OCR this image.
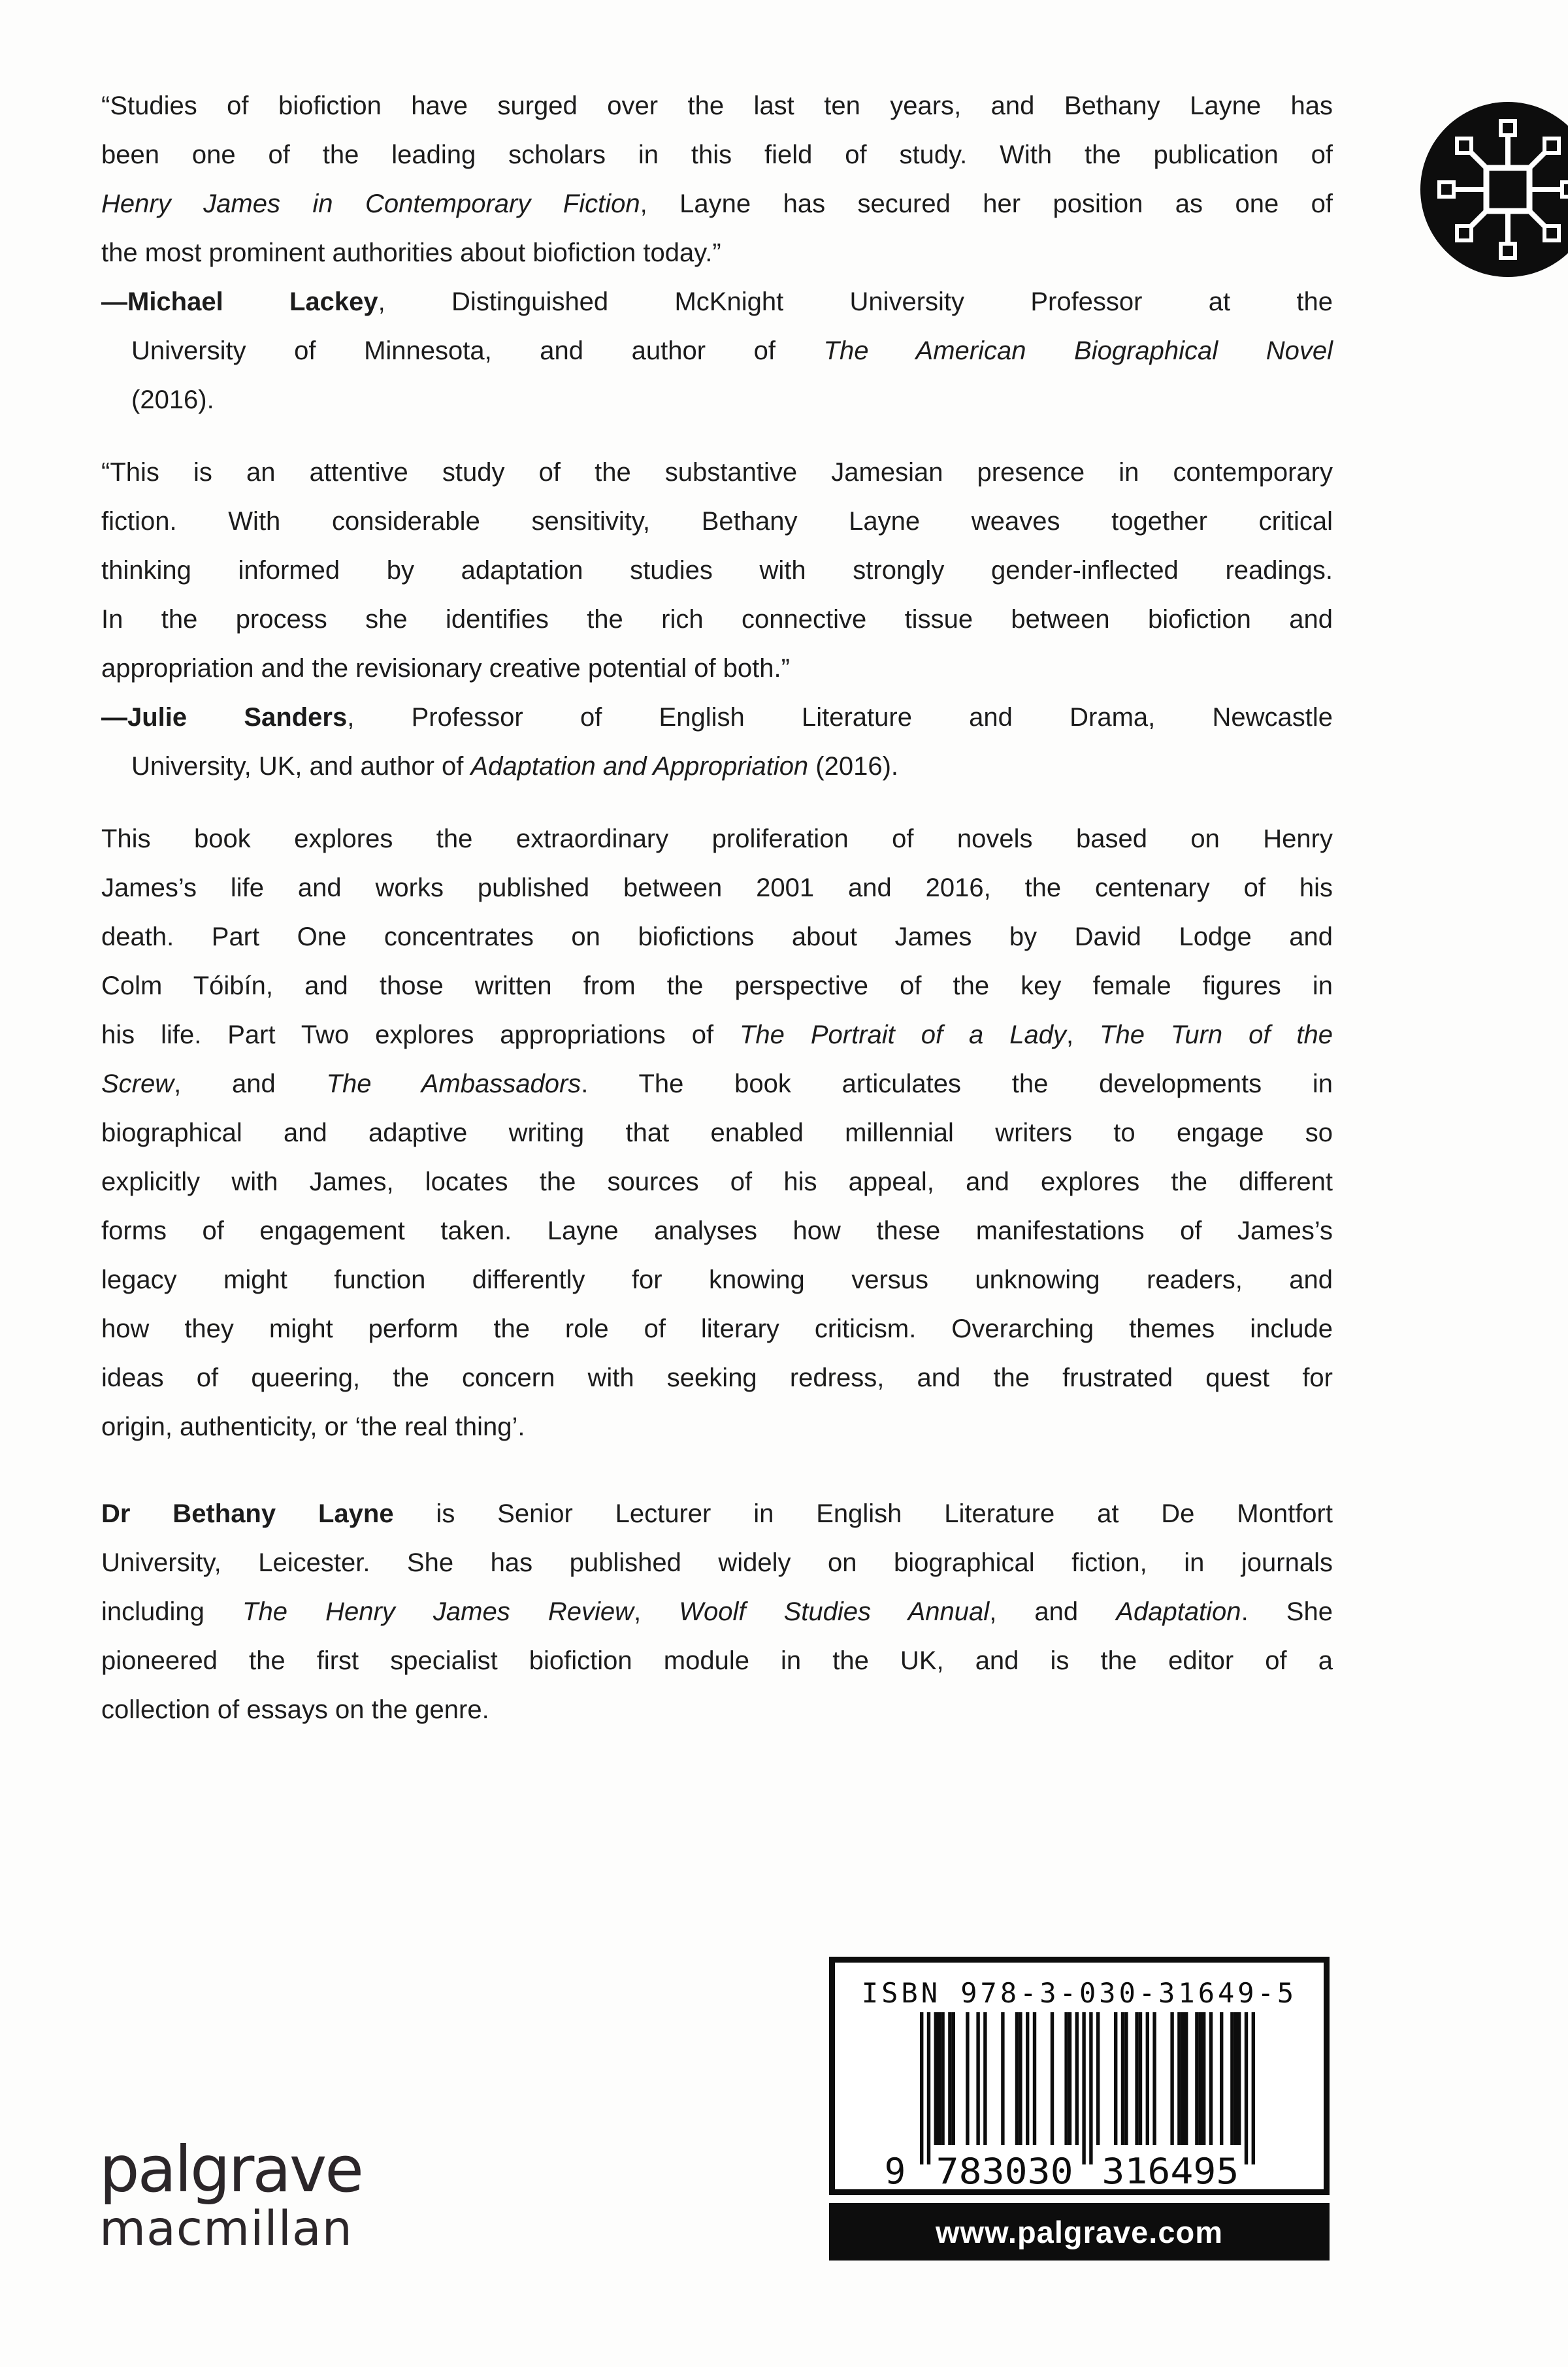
“Studies of biofiction have surged over the last ten years, and Bethany Layne has
been one of the leading scholars in this field of study. With the publication of
Henry James in Contemporary Fiction, Layne has secured her position as one of
the most prominent authorities about biofiction today.”
—Michael Lackey, Distinguished McKnight University Professor at the
University of Minnesota, and author of The American Biographical Novel
(2016).
“This is an attentive study of the substantive Jamesian presence in contemporary
fiction. With considerable sensitivity, Bethany Layne weaves together critical
thinking informed by adaptation studies with strongly gender-inflected readings.
In the process she identifies the rich connective tissue between biofiction and
appropriation and the revisionary creative potential of both.”
—Julie Sanders, Professor of English Literature and Drama, Newcastle
University, UK, and author of Adaptation and Appropriation (2016).
This book explores the extraordinary proliferation of novels based on Henry
James’s life and works published between 2001 and 2016, the centenary of his
death. Part One concentrates on biofictions about James by David Lodge and
Colm Tóibín, and those written from the perspective of the key female figures in
his life. Part Two explores appropriations of The Portrait of a Lady, The Turn of the
Screw, and The Ambassadors. The book articulates the developments in
biographical and adaptive writing that enabled millennial writers to engage so
explicitly with James, locates the sources of his appeal, and explores the different
forms of engagement taken. Layne analyses how these manifestations of James’s
legacy might function differently for knowing versus unknowing readers, and
how they might perform the role of literary criticism. Overarching themes include
ideas of queering, the concern with seeking redress, and the frustrated quest for
origin, authenticity, or ‘the real thing’.
Dr Bethany Layne is Senior Lecturer in English Literature at De Montfort
University, Leicester. She has published widely on biographical fiction, in journals
including The Henry James Review, Woolf Studies Annual, and Adaptation. She
pioneered the first specialist biofiction module in the UK, and is the editor of a
collection of essays on the genre.
ISBN 978-3-030-31649-5
9 783030 316495
www.palgrave.com
palgrave
macmillan
